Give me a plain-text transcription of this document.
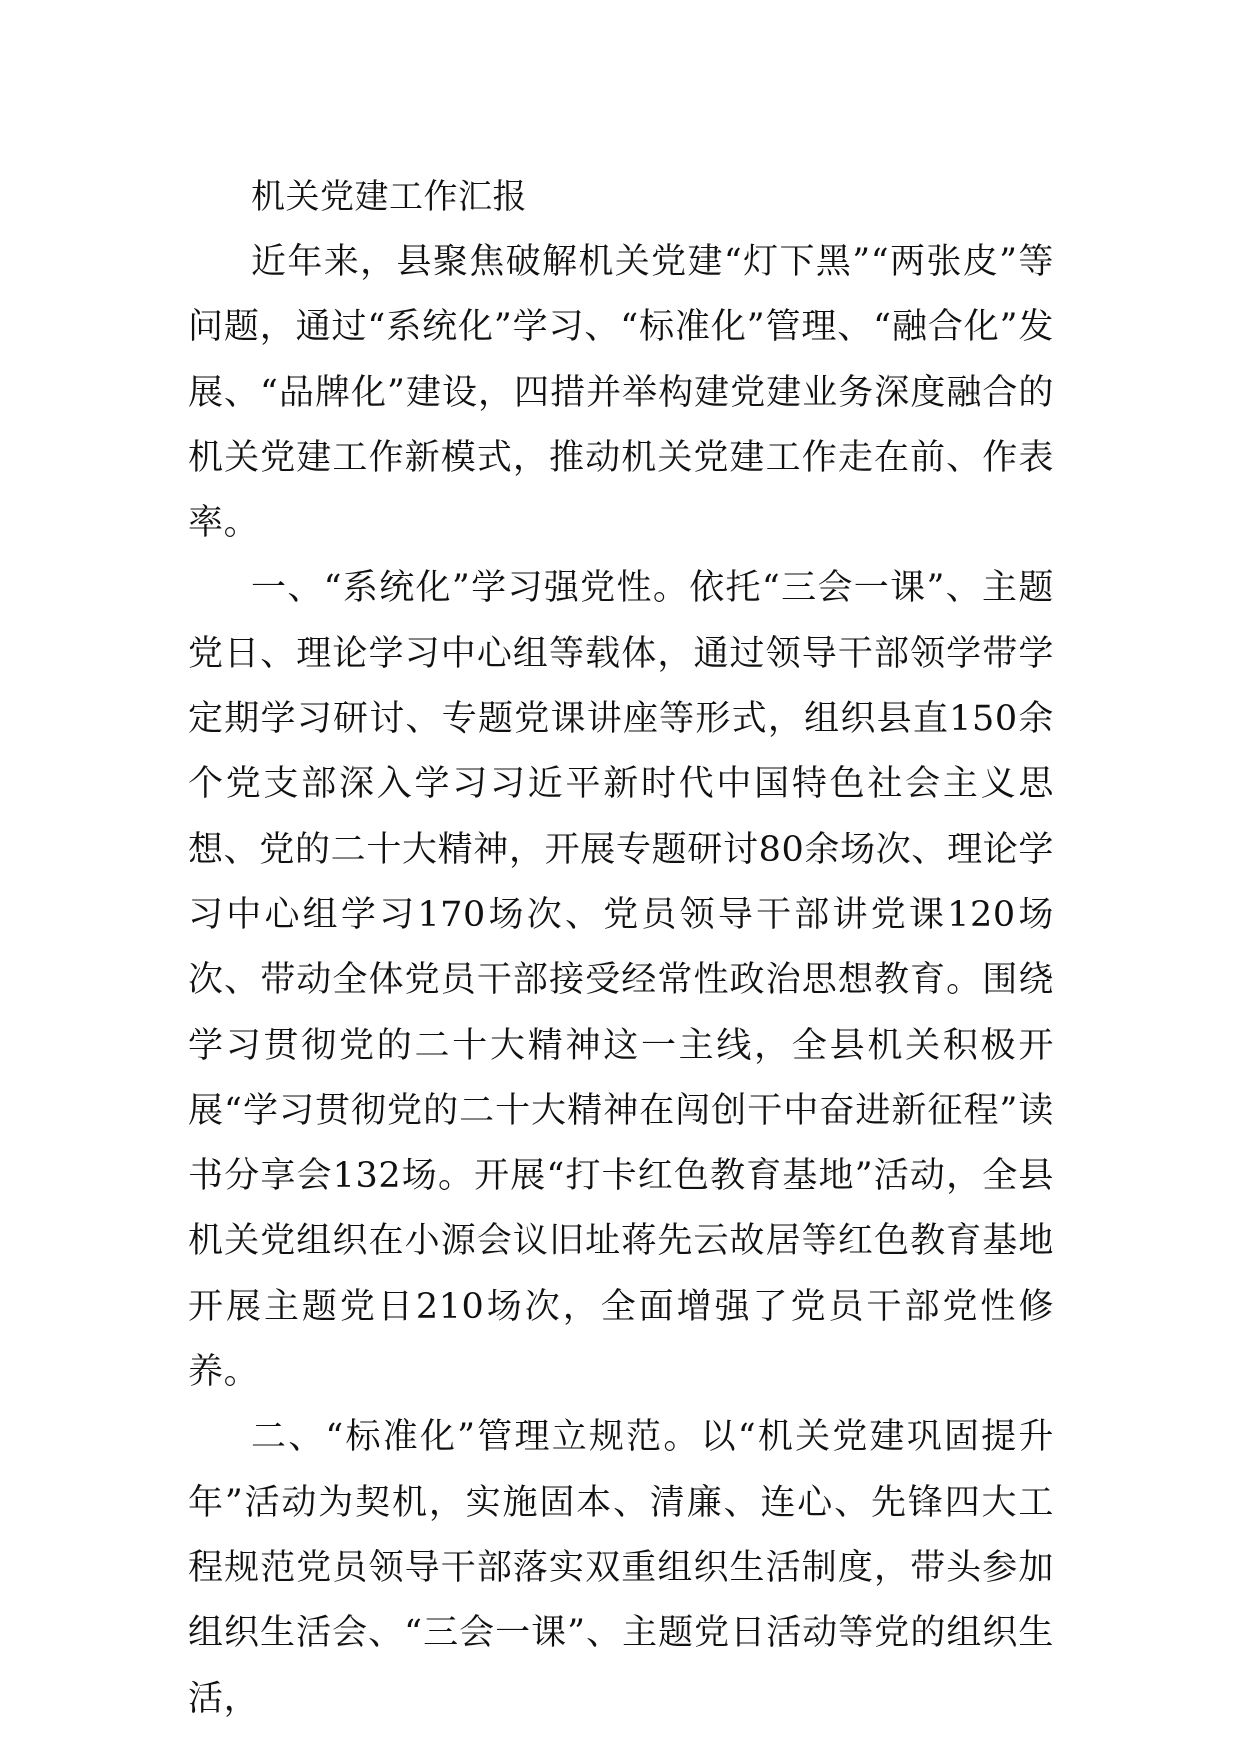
机关党建工作汇报

近年来，县聚焦破解机关党建“灯下黑”“两张皮”等问题，通过“系统化”学习、“标准化”管理、“融合化”发展、“品牌化”建设，四措并举构建党建业务深度融合的机关党建工作新模式，推动机关党建工作走在前、作表率。

一、“系统化”学习强党性。依托“三会一课”、主题党日、理论学习中心组等载体，通过领导干部领学带学定期学习研讨、专题党课讲座等形式，组织县直150余个党支部深入学习习近平新时代中国特色社会主义思想、党的二十大精神，开展专题研讨80余场次、理论学习中心组学习170场次、党员领导干部讲党课120场次、带动全体党员干部接受经常性政治思想教育。围绕学习贯彻党的二十大精神这一主线，全县机关积极开展“学习贯彻党的二十大精神在闯创干中奋进新征程”读书分享会132场。开展“打卡红色教育基地”活动，全县机关党组织在小源会议旧址蒋先云故居等红色教育基地开展主题党日210场次，全面增强了党员干部党性修养。

二、“标准化”管理立规范。以“机关党建巩固提升年”活动为契机，实施固本、清廉、连心、先锋四大工程规范党员领导干部落实双重组织生活制度，带头参加组织生活会、“三会一课”、主题党日活动等党的组织生活，
